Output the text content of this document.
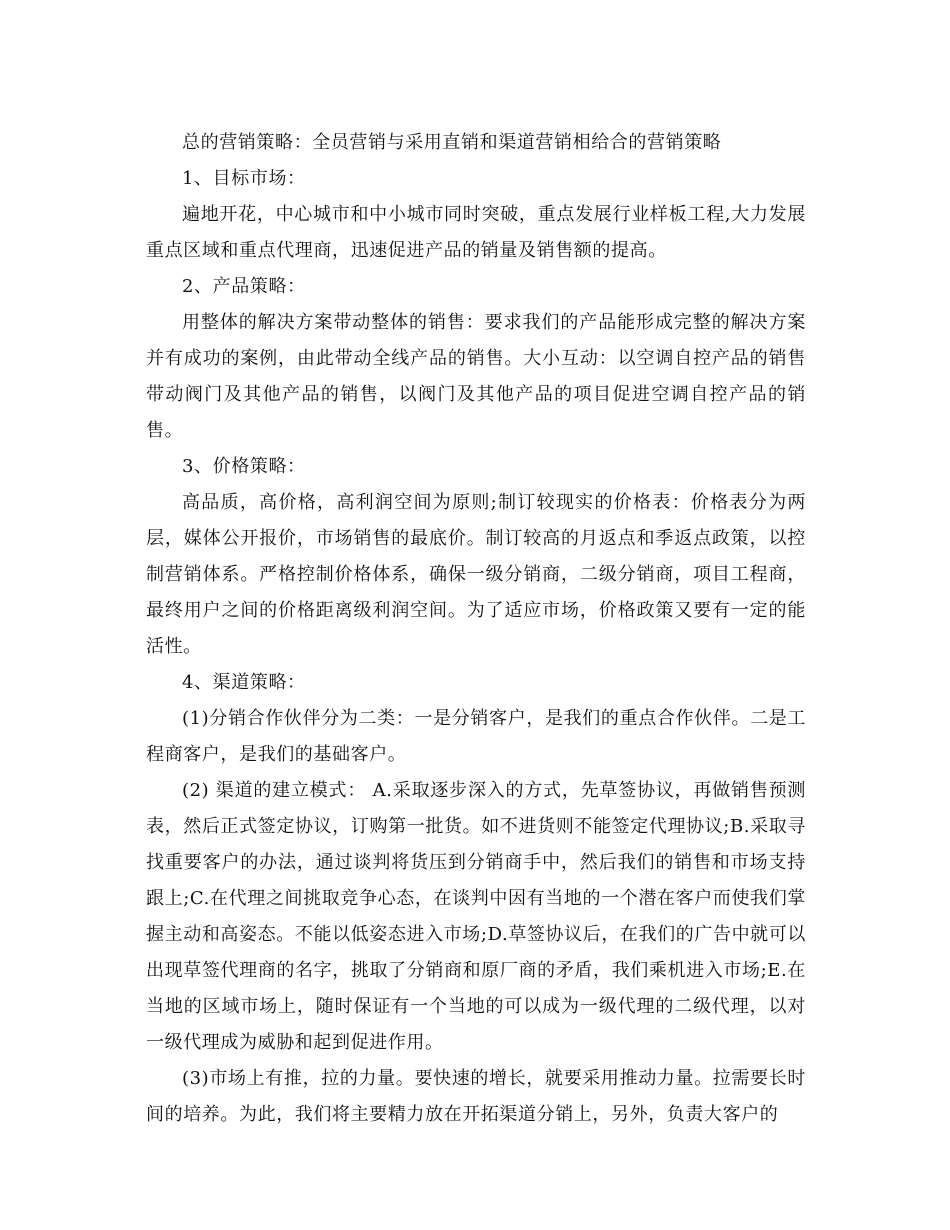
总的营销策略：全员营销与采用直销和渠道营销相给合的营销策略

1、目标市场：

遍地开花，中心城市和中小城市同时突破，重点发展行业样板工程,大力发展重点区域和重点代理商，迅速促进产品的销量及销售额的提高。

2、产品策略：

用整体的解决方案带动整体的销售：要求我们的产品能形成完整的解决方案并有成功的案例，由此带动全线产品的销售。大小互动：以空调自控产品的销售带动阀门及其他产品的销售，以阀门及其他产品的项目促进空调自控产品的销售。

3、价格策略：

高品质，高价格，高利润空间为原则;制订较现实的价格表：价格表分为两层，媒体公开报价，市场销售的最底价。制订较高的月返点和季返点政策，以控制营销体系。严格控制价格体系，确保一级分销商，二级分销商，项目工程商，最终用户之间的价格距离级利润空间。为了适应市场，价格政策又要有一定的能活性。

4、渠道策略：

(1)分销合作伙伴分为二类：一是分销客户，是我们的重点合作伙伴。二是工程商客户，是我们的基础客户。

(2) 渠道的建立模式： A.采取逐步深入的方式，先草签协议，再做销售预测表，然后正式签定协议，订购第一批货。如不进货则不能签定代理协议;B.采取寻找重要客户的办法，通过谈判将货压到分销商手中，然后我们的销售和市场支持跟上;C.在代理之间挑取竞争心态，在谈判中因有当地的一个潜在客户而使我们掌握主动和高姿态。不能以低姿态进入市场;D.草签协议后，在我们的广告中就可以出现草签代理商的名字，挑取了分销商和原厂商的矛盾，我们乘机进入市场;E.在当地的区域市场上，随时保证有一个当地的可以成为一级代理的二级代理，以对一级代理成为威胁和起到促进作用。

(3)市场上有推，拉的力量。要快速的增长，就要采用推动力量。拉需要长时间的培养。为此，我们将主要精力放在开拓渠道分销上，另外，负责大客户的
